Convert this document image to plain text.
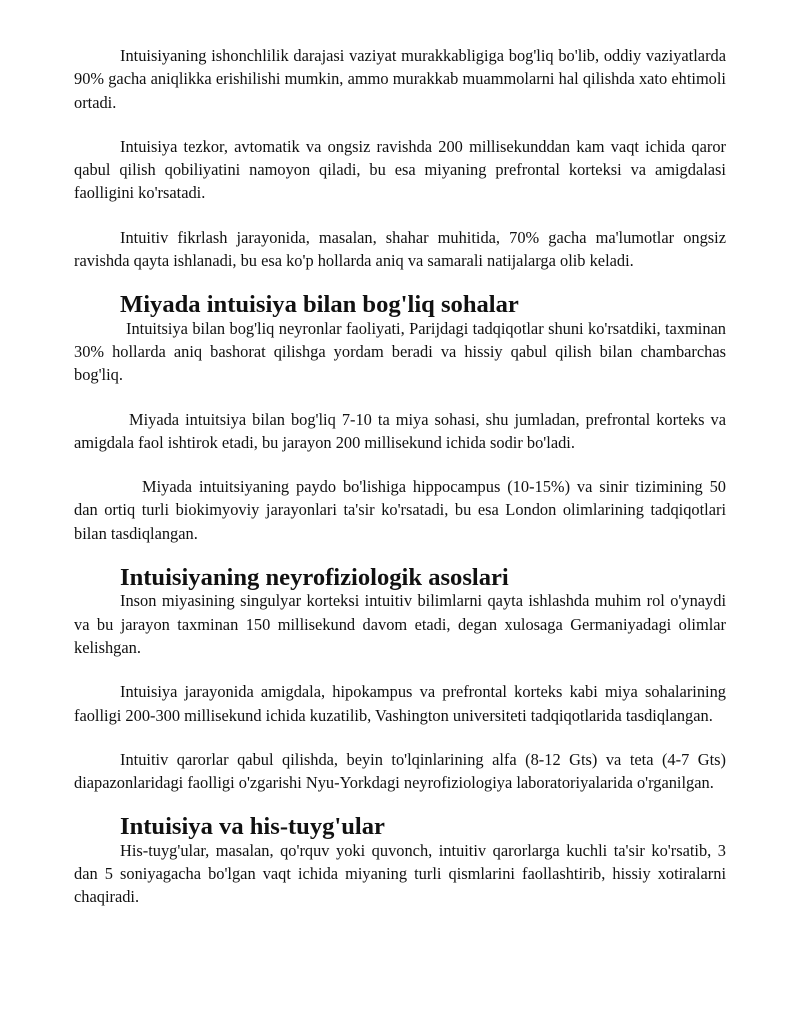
Intuisiyaning ishonchlilik darajasi vaziyat murakkabligiga bog'liq bo'lib, oddiy vaziyatlarda 90% gacha aniqlikka erishilishi mumkin, ammo murakkab muammolarni hal qilishda xato ehtimoli ortadi.

Intuisiya tezkor, avtomatik va ongsiz ravishda 200 millisekunddan kam vaqt ichida qaror qabul qilish qobiliyatini namoyon qiladi, bu esa miyaning prefrontal korteksi va amigdalasi faolligini ko'rsatadi.

Intuitiv fikrlash jarayonida, masalan, shahar muhitida, 70% gacha ma'lumotlar ongsiz ravishda qayta ishlanadi, bu esa ko'p hollarda aniq va samarali natijalarga olib keladi.

Miyada intuisiya bilan bog'liq sohalar

Intuitsiya bilan bog'liq neyronlar faoliyati, Parijdagi tadqiqotlar shuni ko'rsatdiki, taxminan 30% hollarda aniq bashorat qilishga yordam beradi va hissiy qabul qilish bilan chambarchas bog'liq.

Miyada intuitsiya bilan bog'liq 7-10 ta miya sohasi, shu jumladan, prefrontal korteks va amigdala faol ishtirok etadi, bu jarayon 200 millisekund ichida sodir bo'ladi.

Miyada intuitsiyaning paydo bo'lishiga hippocampus (10-15%) va sinir tizimining 50 dan ortiq turli biokimyoviy jarayonlari ta'sir ko'rsatadi, bu esa London olimlarining tadqiqotlari bilan tasdiqlangan.

Intuisiyaning neyrofiziologik asoslari

Inson miyasining singulyar korteksi intuitiv bilimlarni qayta ishlashda muhim rol o'ynaydi va bu jarayon taxminan 150 millisekund davom etadi, degan xulosaga Germaniyadagi olimlar kelishgan.

Intuisiya jarayonida amigdala, hipokampus va prefrontal korteks kabi miya sohalarining faolligi 200-300 millisekund ichida kuzatilib, Vashington universiteti tadqiqotlarida tasdiqlangan.

Intuitiv qarorlar qabul qilishda, beyin to'lqinlarining alfa (8-12 Gts) va teta (4-7 Gts) diapazonlaridagi faolligi o'zgarishi Nyu-Yorkdagi neyrofiziologiya laboratoriyalarida o'rganilgan.

Intuisiya va his-tuyg'ular

His-tuyg'ular, masalan, qo'rquv yoki quvonch, intuitiv qarorlarga kuchli ta'sir ko'rsatib, 3 dan 5 soniyagacha bo'lgan vaqt ichida miyaning turli qismlarini faollashtirib, hissiy xotiralarni chaqiradi.
